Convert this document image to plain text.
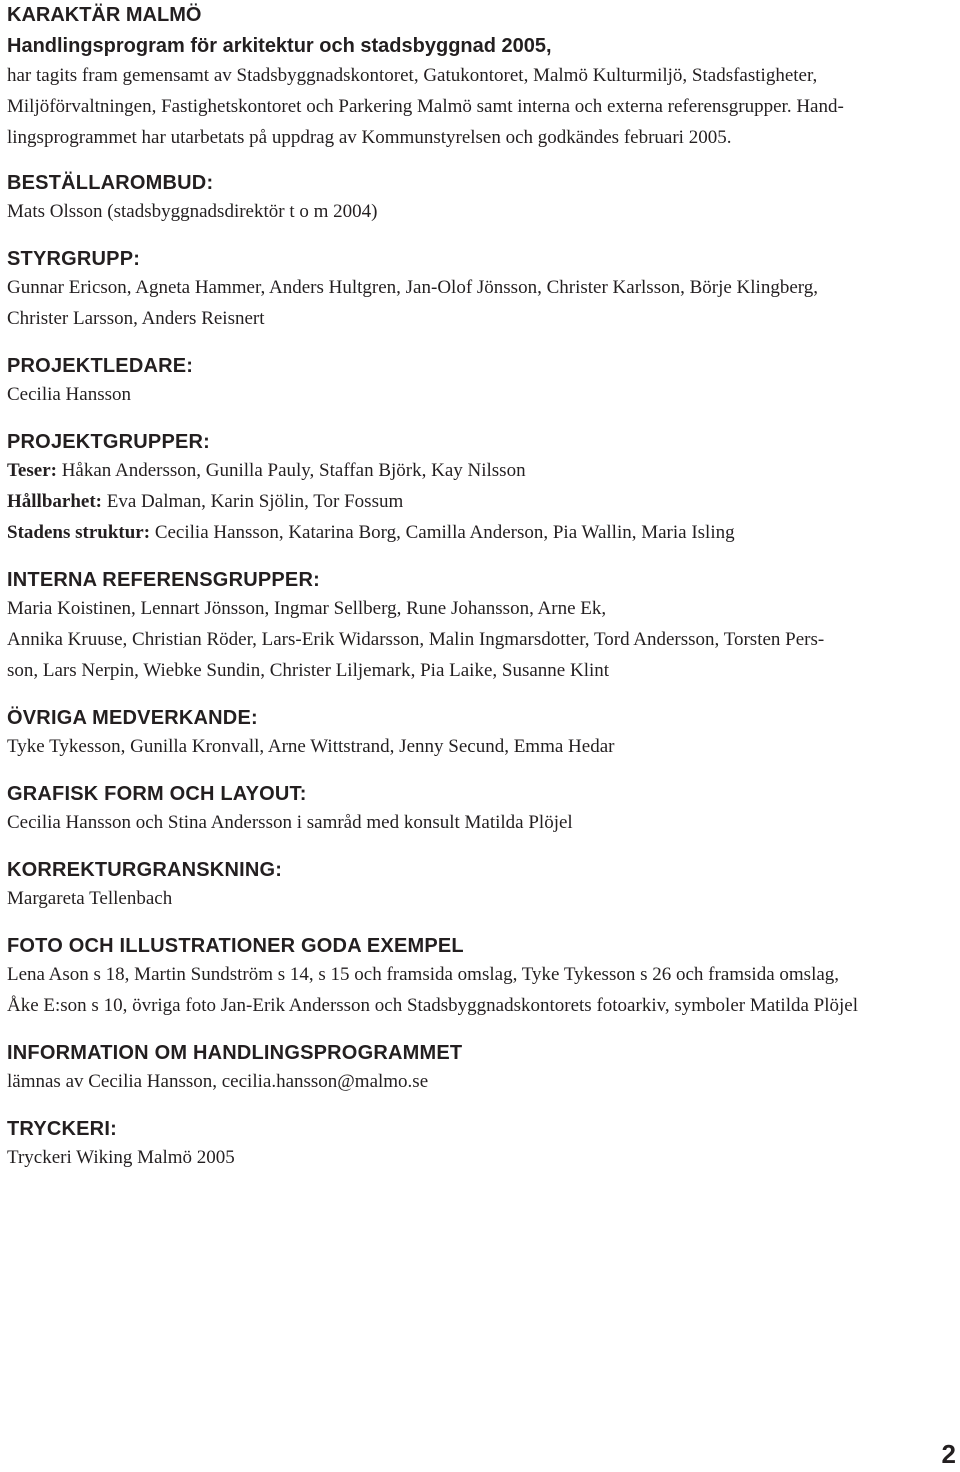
KARAKTÄR MALMÖ
Handlingsprogram för arkitektur och stadsbyggnad 2005,
har tagits fram gemensamt av Stadsbyggnadskontoret, Gatukontoret, Malmö Kulturmiljö, Stadsfastigheter,
Miljöförvaltningen, Fastighetskontoret och Parkering Malmö samt interna och externa referensgrupper. Hand-
lingsprogrammet har utarbetats på uppdrag av Kommunstyrelsen och godkändes februari 2005.
BESTÄLLAROMBUD:
Mats Olsson (stadsbyggnadsdirektör t o m 2004)
STYRGRUPP:
Gunnar Ericson, Agneta Hammer, Anders Hultgren, Jan-Olof Jönsson, Christer Karlsson, Börje Klingberg,
Christer Larsson, Anders Reisnert
PROJEKTLEDARE:
Cecilia Hansson
PROJEKTGRUPPER:
Teser: Håkan Andersson, Gunilla Pauly, Staffan Björk, Kay Nilsson
Hållbarhet: Eva Dalman, Karin Sjölin, Tor Fossum
Stadens struktur: Cecilia Hansson, Katarina Borg, Camilla Anderson, Pia Wallin, Maria Isling
INTERNA REFERENSGRUPPER:
Maria Koistinen, Lennart Jönsson, Ingmar Sellberg, Rune Johansson, Arne Ek,
Annika Kruuse, Christian Röder, Lars-Erik Widarsson, Malin Ingmarsdotter, Tord Andersson, Torsten Pers-
son, Lars Nerpin, Wiebke Sundin, Christer Liljemark, Pia Laike, Susanne Klint
ÖVRIGA MEDVERKANDE:
Tyke Tykesson, Gunilla Kronvall, Arne Wittstrand, Jenny Secund, Emma Hedar
GRAFISK FORM OCH LAYOUT:
Cecilia Hansson och Stina Andersson i samråd med konsult Matilda Plöjel
KORREKTURGRANSKNING:
Margareta Tellenbach
FOTO OCH ILLUSTRATIONER GODA EXEMPEL
Lena Ason s 18, Martin Sundström s 14, s 15 och framsida omslag, Tyke Tykesson s 26 och framsida omslag,
Åke E:son s 10, övriga foto Jan-Erik Andersson och Stadsbyggnadskontorets fotoarkiv, symboler Matilda Plöjel
INFORMATION OM HANDLINGSPROGRAMMET
lämnas av Cecilia Hansson, cecilia.hansson@malmo.se
TRYCKERI:
Tryckeri Wiking Malmö 2005
2
